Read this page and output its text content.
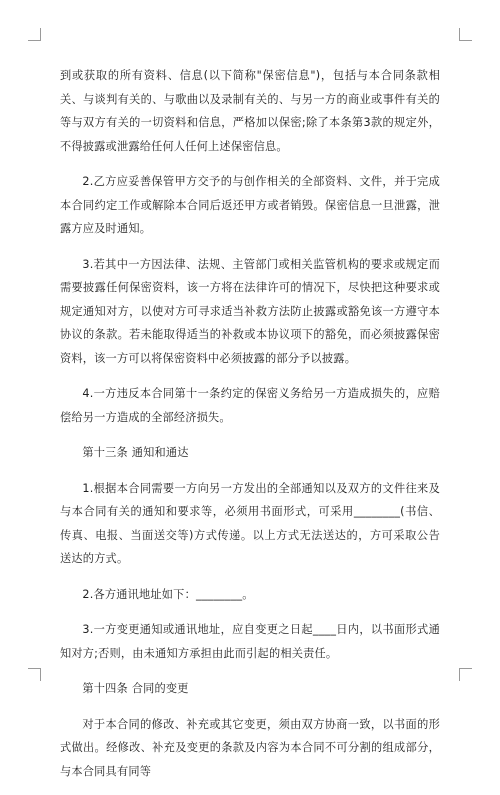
到或获取的所有资料、信息(以下简称"保密信息")，包括与本合同条款相关、与谈判有关的、与歌曲以及录制有关的、与另一方的商业或事件有关的等与双方有关的一切资料和信息，严格加以保密;除了本条第3款的规定外，不得披露或泄露给任何人任何上述保密信息。

2.乙方应妥善保管甲方交予的与创作相关的全部资料、文件，并于完成本合同约定工作或解除本合同后返还甲方或者销毁。保密信息一旦泄露，泄露方应及时通知。

3.若其中一方因法律、法规、主管部门或相关监管机构的要求或规定而需要披露任何保密资料，该一方将在法律许可的情况下，尽快把这种要求或规定通知对方，以使对方可寻求适当补救方法防止披露或豁免该一方遵守本协议的条款。若未能取得适当的补救或本协议项下的豁免，而必须披露保密资料，该一方可以将保密资料中必须披露的部分予以披露。

4.一方违反本合同第十一条约定的保密义务给另一方造成损失的，应赔偿给另一方造成的全部经济损失。

第十三条 通知和通达

1.根据本合同需要一方向另一方发出的全部通知以及双方的文件往来及与本合同有关的通知和要求等，必须用书面形式，可采用________(书信、传真、电报、当面送交等)方式传递。以上方式无法送达的，方可采取公告送达的方式。

2.各方通讯地址如下：________。

3.一方变更通知或通讯地址，应自变更之日起____日内，以书面形式通知对方;否则，由未通知方承担由此而引起的相关责任。

第十四条 合同的变更

对于本合同的修改、补充或其它变更，须由双方协商一致，以书面的形式做出。经修改、补充及变更的条款及内容为本合同不可分割的组成部分，与本合同具有同等
